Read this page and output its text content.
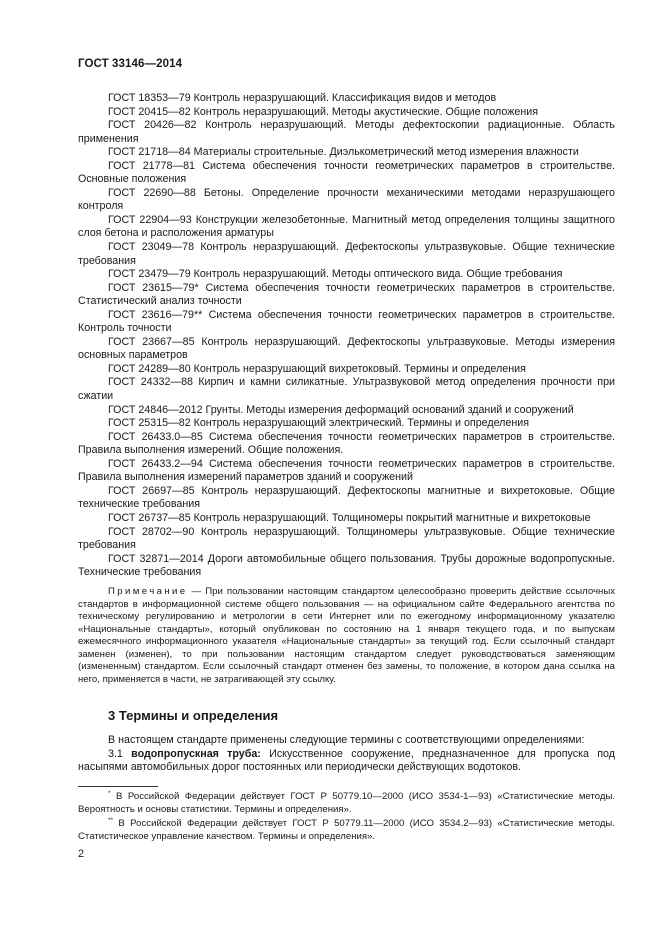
ГОСТ 33146—2014

ГОСТ 18353—79 Контроль неразрушающий. Классификация видов и методов

ГОСТ 20415—82 Контроль неразрушающий. Методы акустические. Общие положения

ГОСТ 20426—82 Контроль неразрушающий. Методы дефектоскопии радиационные. Область применения

ГОСТ 21718—84 Материалы строительные. Диэлькометрический метод измерения влажности

ГОСТ 21778—81 Система обеспечения точности геометрических параметров в строительстве. Основные положения

ГОСТ 22690—88 Бетоны. Определение прочности механическими методами неразрушающего контроля

ГОСТ 22904—93 Конструкции железобетонные. Магнитный метод определения толщины защитного слоя бетона и расположения арматуры

ГОСТ 23049—78 Контроль неразрушающий. Дефектоскопы ультразвуковые. Общие технические требования

ГОСТ 23479—79 Контроль неразрушающий. Методы оптического вида. Общие требования

ГОСТ 23615—79* Система обеспечения точности геометрических параметров в строительстве. Статистический анализ точности

ГОСТ 23616—79** Система обеспечения точности геометрических параметров в строительстве. Контроль точности

ГОСТ 23667—85 Контроль неразрушающий. Дефектоскопы ультразвуковые. Методы измерения основных параметров

ГОСТ 24289—80 Контроль неразрушающий вихретоковый. Термины и определения

ГОСТ 24332—88 Кирпич и камни силикатные. Ультразвуковой метод определения прочности при сжатии

ГОСТ 24846—2012 Грунты. Методы измерения деформаций оснований зданий и сооружений

ГОСТ 25315—82 Контроль неразрушающий электрический. Термины и определения

ГОСТ 26433.0—85 Система обеспечения точности геометрических параметров в строительстве. Правила выполнения измерений. Общие положения.

ГОСТ 26433.2—94 Система обеспечения точности геометрических параметров в строительстве. Правила выполнения измерений параметров зданий и сооружений

ГОСТ 26697—85 Контроль неразрушающий. Дефектоскопы магнитные и вихретоковые. Общие технические требования

ГОСТ 26737—85 Контроль неразрушающий. Толщиномеры покрытий магнитные и вихретоковые

ГОСТ 28702—90 Контроль неразрушающий. Толщиномеры ультразвуковые. Общие технические требования

ГОСТ 32871—2014 Дороги автомобильные общего пользования. Трубы дорожные водопропускные. Технические требования

Примечание — При пользовании настоящим стандартом целесообразно проверить действие ссылочных стандартов в информационной системе общего пользования — на официальном сайте Федерального агентства по техническому регулированию и метрологии в сети Интернет или по ежегодному информационному указателю «Национальные стандарты», который опубликован по состоянию на 1 января текущего года, и по выпускам ежемесячного информационного указателя «Национальные стандарты» за текущий год. Если ссылочный стандарт заменен (изменен), то при пользовании настоящим стандартом следует руководствоваться заменяющим (измененным) стандартом. Если ссылочный стандарт отменен без замены, то положение, в котором дана ссылка на него, применяется в части, не затрагивающей эту ссылку.

3 Термины и определения

В настоящем стандарте применены следующие термины с соответствующими определениями:

3.1 водопропускная труба: Искусственное сооружение, предназначенное для пропуска под насыпями автомобильных дорог постоянных или периодически действующих водотоков.

* В Российской Федерации действует ГОСТ Р 50779.10—2000 (ИСО 3534-1—93) «Статистические методы. Вероятность и основы статистики. Термины и определения».

** В Российской Федерации действует ГОСТ Р 50779.11—2000 (ИСО 3534.2—93) «Статистические методы. Статистическое управление качеством. Термины и определения».

2
